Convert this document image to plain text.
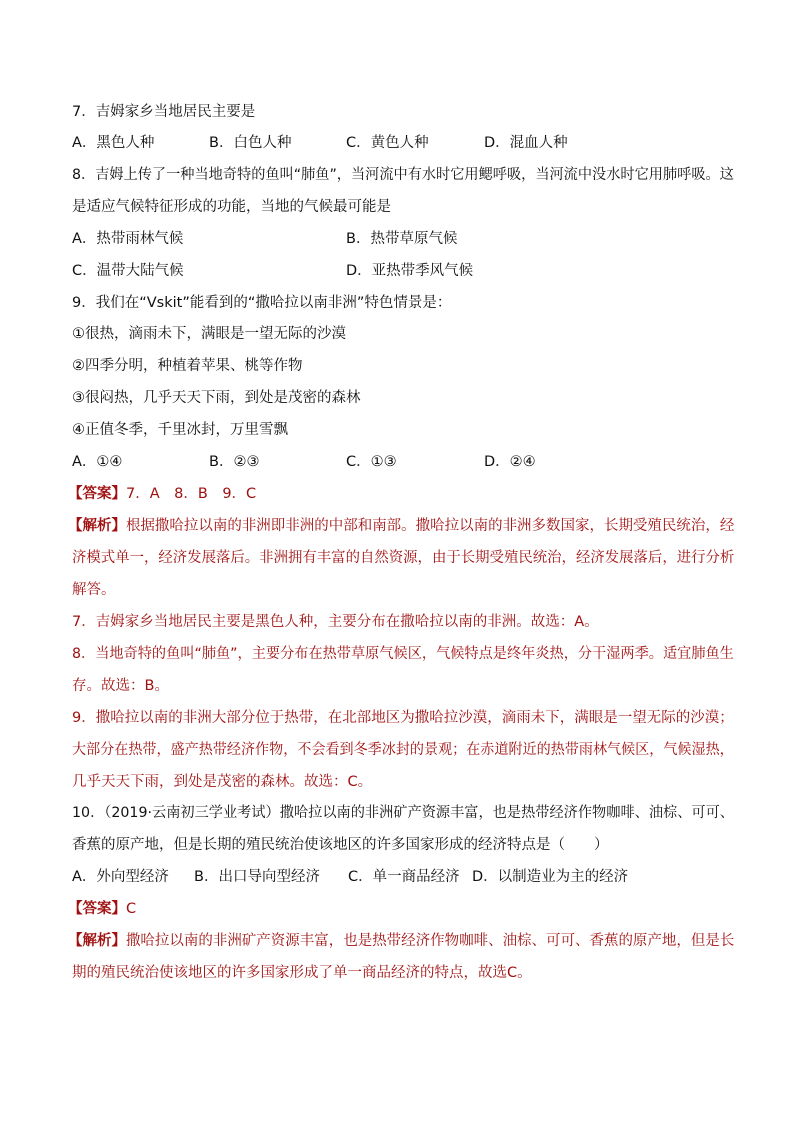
7．吉姆家乡当地居民主要是
A．黑色人种	B．白色人种	C．黄色人种	D．混血人种
8．吉姆上传了一种当地奇特的鱼叫“肺鱼”，当河流中有水时它用鳃呼吸，当河流中没水时它用肺呼吸。这
是适应气候特征形成的功能，当地的气候最可能是
A．热带雨林气候	B．热带草原气候
C．温带大陆气候	D．亚热带季风气候
9．我们在“Vskit”能看到的“撒哈拉以南非洲”特色情景是：
①很热，滴雨未下，满眼是一望无际的沙漠
②四季分明，种植着苹果、桃等作物
③很闷热，几乎天天下雨，到处是茂密的森林
④正值冬季，千里冰封，万里雪飘
A．①④	B．②③	C．①③	D．②④
【答案】7．A　8．B　9．C
【解析】根据撒哈拉以南的非洲即非洲的中部和南部。撒哈拉以南的非洲多数国家，长期受殖民统治，经
济模式单一，经济发展落后。非洲拥有丰富的自然资源，由于长期受殖民统治，经济发展落后，进行分析
解答。
7．吉姆家乡当地居民主要是黑色人种，主要分布在撒哈拉以南的非洲。故选：A。
8．当地奇特的鱼叫“肺鱼”，主要分布在热带草原气候区，气候特点是终年炎热，分干湿两季。适宜肺鱼生
存。故选：B。
9．撒哈拉以南的非洲大部分位于热带，在北部地区为撒哈拉沙漠，滴雨未下，满眼是一望无际的沙漠；
大部分在热带，盛产热带经济作物，不会看到冬季冰封的景观；在赤道附近的热带雨林气候区，气候湿热，
几乎天天下雨，到处是茂密的森林。故选：C。
10．（2019·云南初三学业考试）撒哈拉以南的非洲矿产资源丰富，也是热带经济作物咖啡、油棕、可可、
香蕉的原产地，但是长期的殖民统治使该地区的许多国家形成的经济特点是（　　）
A．外向型经济 B．出口导向型经济 C．单一商品经济 D．以制造业为主的经济
【答案】C
【解析】撒哈拉以南的非洲矿产资源丰富，也是热带经济作物咖啡、油棕、可可、香蕉的原产地，但是长
期的殖民统治使该地区的许多国家形成了单一商品经济的特点，故选C。
